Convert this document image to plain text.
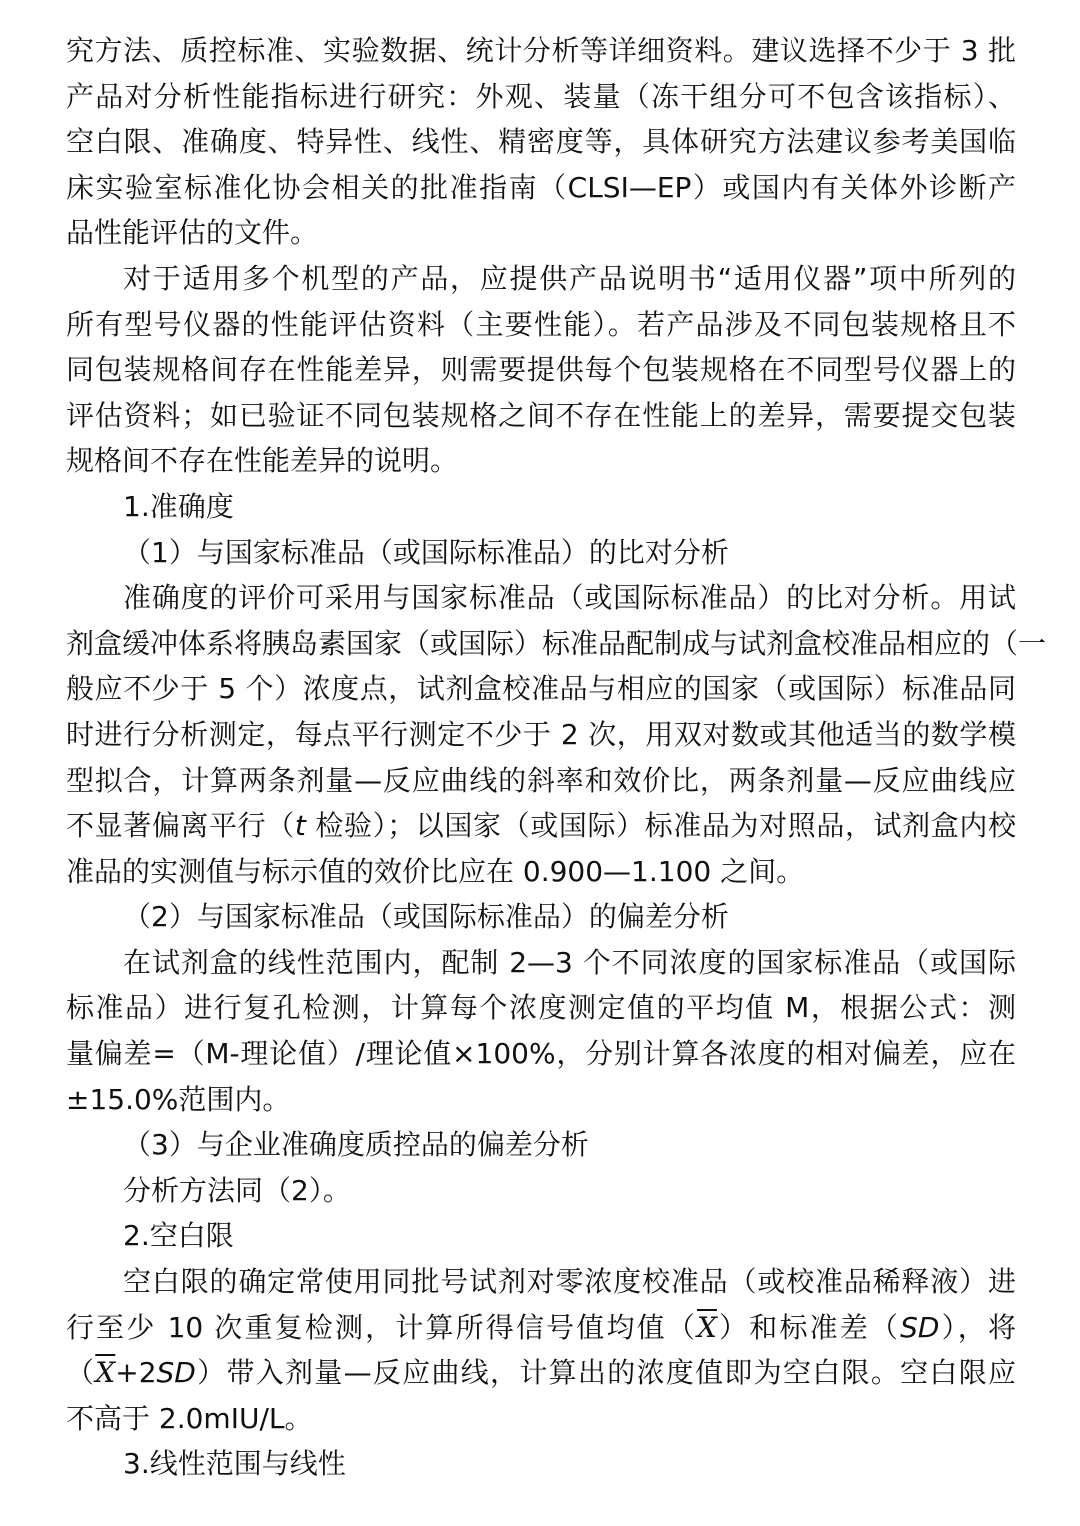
究方法、质控标准、实验数据、统计分析等详细资料。建议选择不少于 3 批
产品对分析性能指标进行研究：外观、装量（冻干组分可不包含该指标）、
空白限、准确度、特异性、线性、精密度等，具体研究方法建议参考美国临
床实验室标准化协会相关的批准指南（CLSI—EP）或国内有关体外诊断产
品性能评估的文件。
对于适用多个机型的产品，应提供产品说明书“适用仪器”项中所列的
所有型号仪器的性能评估资料（主要性能）。若产品涉及不同包装规格且不
同包装规格间存在性能差异，则需要提供每个包装规格在不同型号仪器上的
评估资料；如已验证不同包装规格之间不存在性能上的差异，需要提交包装
规格间不存在性能差异的说明。
1.准确度
（1）与国家标准品（或国际标准品）的比对分析
准确度的评价可采用与国家标准品（或国际标准品）的比对分析。用试
剂盒缓冲体系将胰岛素国家（或国际）标准品配制成与试剂盒校准品相应的（一
般应不少于 5 个）浓度点，试剂盒校准品与相应的国家（或国际）标准品同
时进行分析测定，每点平行测定不少于 2 次，用双对数或其他适当的数学模
型拟合，计算两条剂量—反应曲线的斜率和效价比，两条剂量—反应曲线应
不显著偏离平行（t 检验）；以国家（或国际）标准品为对照品，试剂盒内校
准品的实测值与标示值的效价比应在 0.900—1.100 之间。
（2）与国家标准品（或国际标准品）的偏差分析
在试剂盒的线性范围内，配制 2—3 个不同浓度的国家标准品（或国际
标准品）进行复孔检测，计算每个浓度测定值的平均值 M，根据公式：测
量偏差=（M-理论值）/理论值×100%，分别计算各浓度的相对偏差，应在
±15.0%范围内。
（3）与企业准确度质控品的偏差分析
分析方法同（2）。
2.空白限
空白限的确定常使用同批号试剂对零浓度校准品（或校准品稀释液）进
行至少 10 次重复检测，计算所得信号值均值$(\overline{X})$和标准差（SD），将
$(\overline{X}+2SD)$带入剂量—反应曲线，计算出的浓度值即为空白限。空白限应
不高于 2.0mIU/L。
3.线性范围与线性
